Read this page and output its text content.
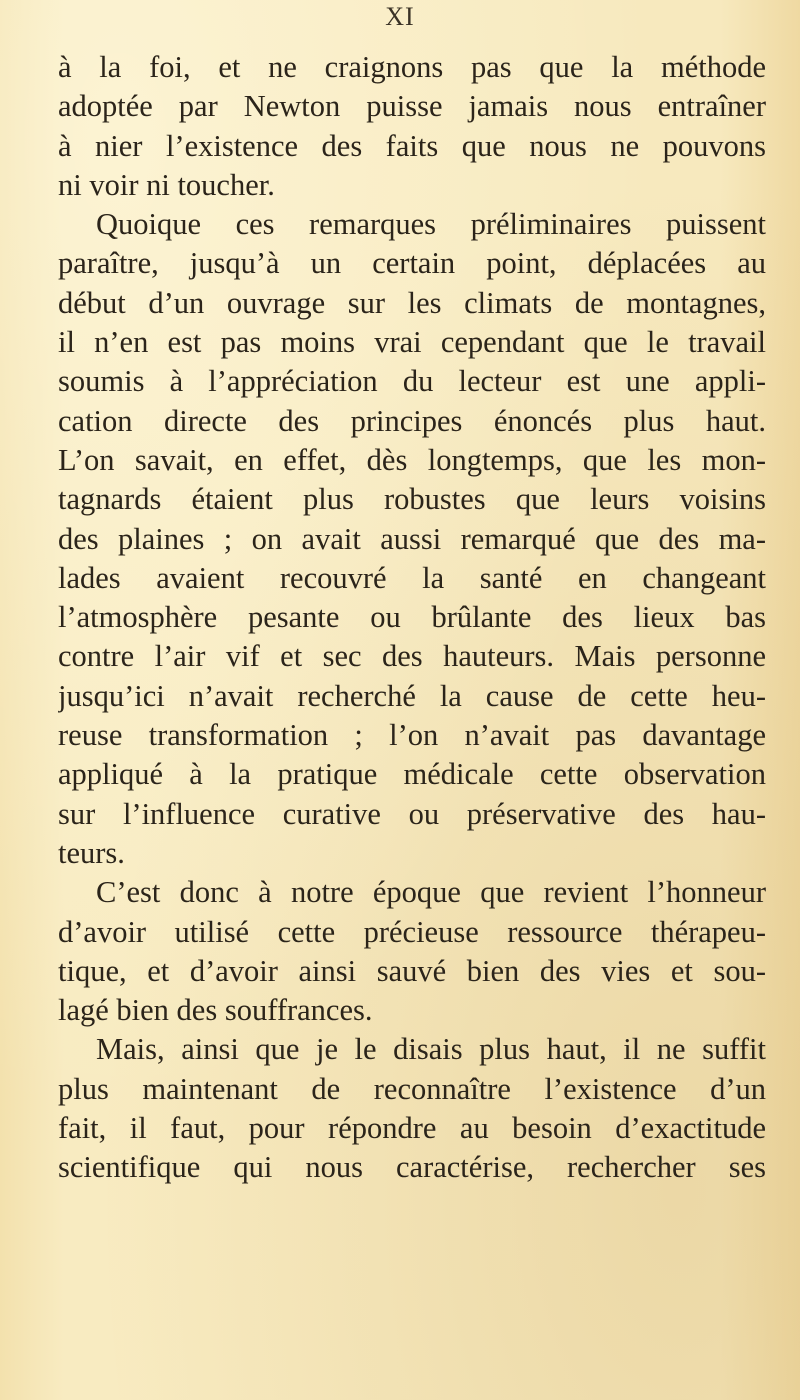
XI
à la foi, et ne craignons pas que la méthode
adoptée par Newton puisse jamais nous entraîner
à nier l’existence des faits que nous ne pouvons
ni voir ni toucher.
Quoique ces remarques préliminaires puissent
paraître, jusqu’à un certain point, déplacées au
début d’un ouvrage sur les climats de montagnes,
il n’en est pas moins vrai cependant que le travail
soumis à l’appréciation du lecteur est une appli-
cation directe des principes énoncés plus haut.
L’on savait, en effet, dès longtemps, que les mon-
tagnards étaient plus robustes que leurs voisins
des plaines ; on avait aussi remarqué que des ma-
lades avaient recouvré la santé en changeant
l’atmosphère pesante ou brûlante des lieux bas
contre l’air vif et sec des hauteurs. Mais personne
jusqu’ici n’avait recherché la cause de cette heu-
reuse transformation ; l’on n’avait pas davantage
appliqué à la pratique médicale cette observation
sur l’influence curative ou préservative des hau-
teurs.
C’est donc à notre époque que revient l’honneur
d’avoir utilisé cette précieuse ressource thérapeu-
tique, et d’avoir ainsi sauvé bien des vies et sou-
lagé bien des souffrances.
Mais, ainsi que je le disais plus haut, il ne suffit
plus maintenant de reconnaître l’existence d’un
fait, il faut, pour répondre au besoin d’exactitude
scientifique qui nous caractérise, rechercher ses
